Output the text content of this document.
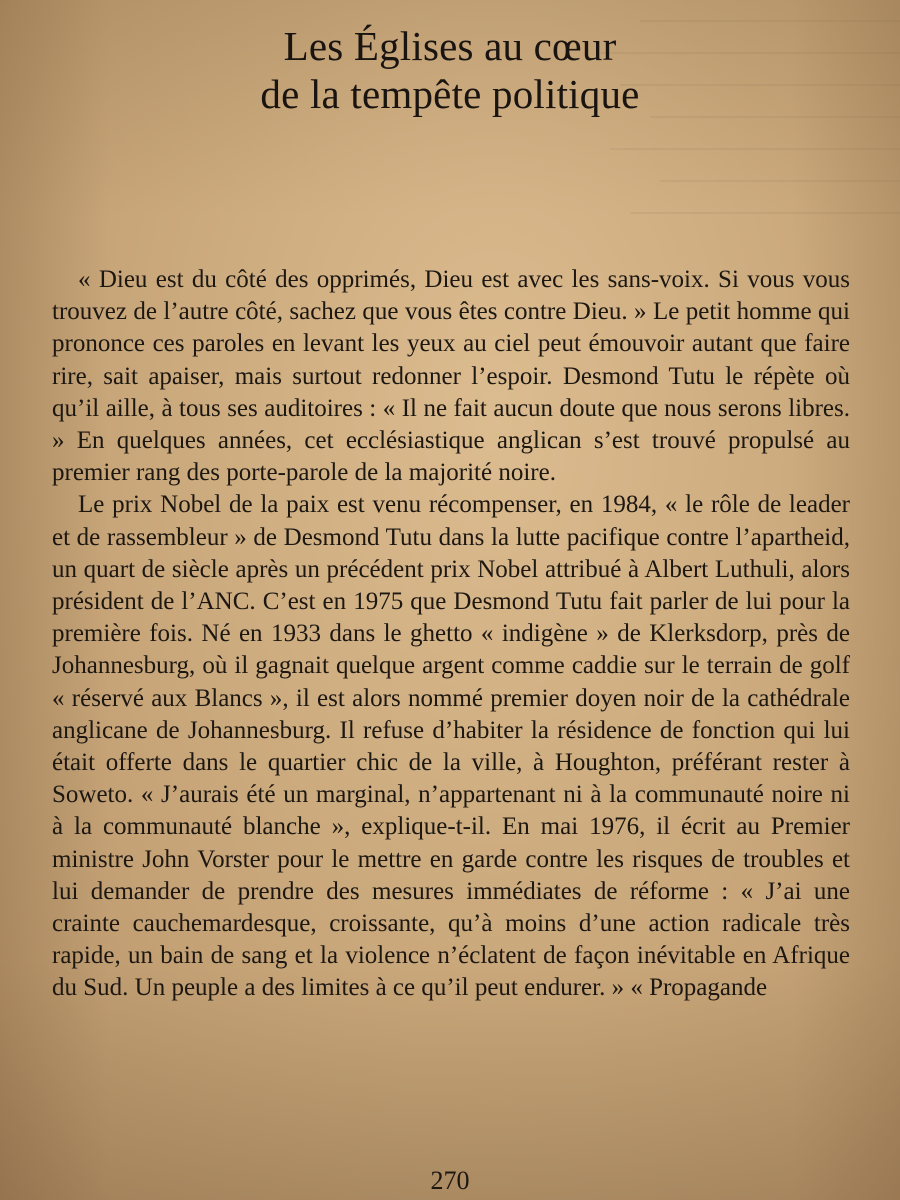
Les Églises au cœur
de la tempête politique

« Dieu est du côté des opprimés, Dieu est avec les sans-voix. Si vous vous trouvez de l’autre côté, sachez que vous êtes contre Dieu. » Le petit homme qui prononce ces paroles en levant les yeux au ciel peut émouvoir autant que faire rire, sait apaiser, mais surtout redonner l’espoir. Desmond Tutu le répète où qu’il aille, à tous ses auditoires : « Il ne fait aucun doute que nous serons libres. » En quelques années, cet ecclésiastique anglican s’est trouvé propulsé au premier rang des porte-parole de la majorité noire.

Le prix Nobel de la paix est venu récompenser, en 1984, « le rôle de leader et de rassembleur » de Desmond Tutu dans la lutte pacifique contre l’apartheid, un quart de siècle après un précédent prix Nobel attribué à Albert Luthuli, alors président de l’ANC. C’est en 1975 que Desmond Tutu fait parler de lui pour la première fois. Né en 1933 dans le ghetto « indigène » de Klerksdorp, près de Johannesburg, où il gagnait quelque argent comme caddie sur le terrain de golf « réservé aux Blancs », il est alors nommé premier doyen noir de la cathédrale anglicane de Johannesburg. Il refuse d’habiter la résidence de fonction qui lui était offerte dans le quartier chic de la ville, à Houghton, préférant rester à Soweto. « J’aurais été un marginal, n’appartenant ni à la communauté noire ni à la communauté blanche », explique-t-il. En mai 1976, il écrit au Premier ministre John Vorster pour le mettre en garde contre les risques de troubles et lui demander de prendre des mesures immédiates de réforme : « J’ai une crainte cauchemardesque, croissante, qu’à moins d’une action radicale très rapide, un bain de sang et la violence n’éclatent de façon inévitable en Afrique du Sud. Un peuple a des limites à ce qu’il peut endurer. » « Propagande

270
